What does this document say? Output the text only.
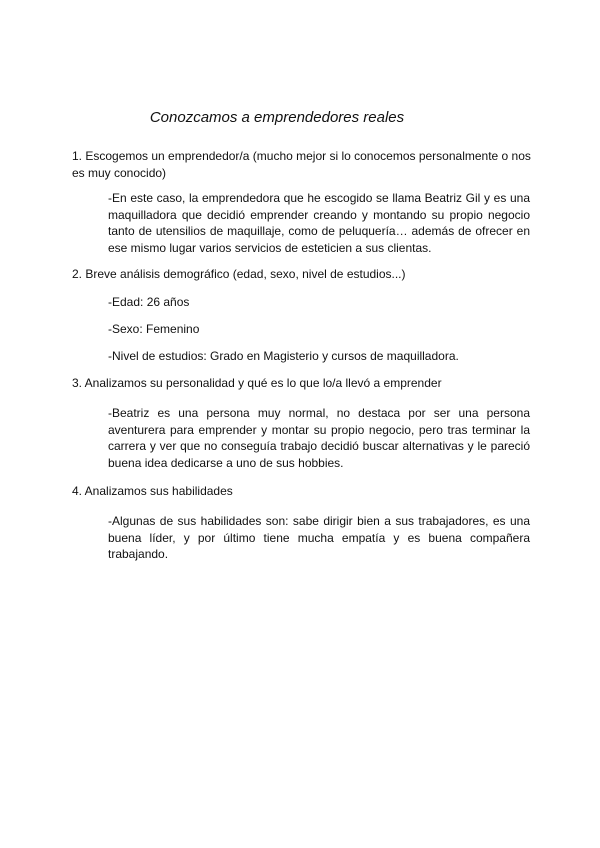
Conozcamos a emprendedores reales
1. Escogemos un emprendedor/a (mucho mejor si lo conocemos personalmente o nos es muy conocido)
-En este caso, la emprendedora que he escogido se llama Beatriz Gil y es una maquilladora que decidió emprender creando y montando su propio negocio tanto de utensilios de maquillaje, como de peluquería… además de ofrecer en ese mismo lugar varios servicios de esteticien a sus clientas.
2. Breve análisis demográfico (edad, sexo, nivel de estudios...)
-Edad: 26 años
-Sexo: Femenino
-Nivel de estudios: Grado en Magisterio y cursos de maquilladora.
3. Analizamos su personalidad y qué es lo que lo/a llevó a emprender
-Beatriz es una persona muy normal, no destaca por ser una persona aventurera para emprender y montar su propio negocio, pero tras terminar la carrera y ver que no conseguía trabajo decidió buscar alternativas y le pareció buena idea dedicarse a uno de sus hobbies.
4. Analizamos sus habilidades
-Algunas de sus habilidades son: sabe dirigir bien a sus trabajadores, es una buena líder, y por último tiene mucha empatía y es buena compañera trabajando.
